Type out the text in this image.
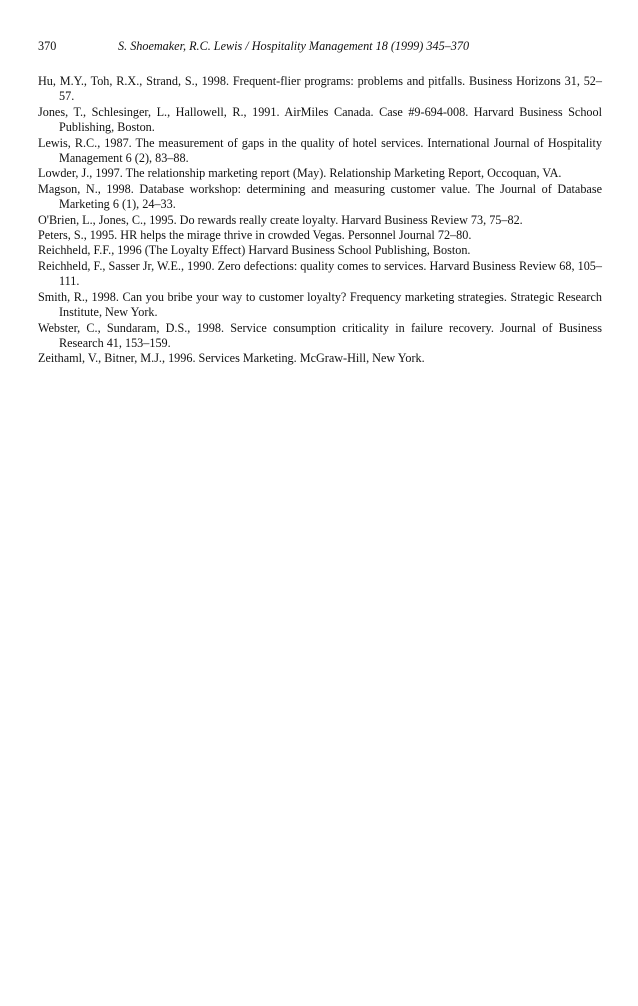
370	S. Shoemaker, R.C. Lewis / Hospitality Management 18 (1999) 345–370
Hu, M.Y., Toh, R.X., Strand, S., 1998. Frequent-flier programs: problems and pitfalls. Business Horizons 31, 52–57.
Jones, T., Schlesinger, L., Hallowell, R., 1991. AirMiles Canada. Case #9-694-008. Harvard Business School Publishing, Boston.
Lewis, R.C., 1987. The measurement of gaps in the quality of hotel services. International Journal of Hospitality Management 6 (2), 83–88.
Lowder, J., 1997. The relationship marketing report (May). Relationship Marketing Report, Occoquan, VA.
Magson, N., 1998. Database workshop: determining and measuring customer value. The Journal of Database Marketing 6 (1), 24–33.
O'Brien, L., Jones, C., 1995. Do rewards really create loyalty. Harvard Business Review 73, 75–82.
Peters, S., 1995. HR helps the mirage thrive in crowded Vegas. Personnel Journal 72–80.
Reichheld, F.F., 1996 (The Loyalty Effect) Harvard Business School Publishing, Boston.
Reichheld, F., Sasser Jr, W.E., 1990. Zero defections: quality comes to services. Harvard Business Review 68, 105–111.
Smith, R., 1998. Can you bribe your way to customer loyalty? Frequency marketing strategies. Strategic Research Institute, New York.
Webster, C., Sundaram, D.S., 1998. Service consumption criticality in failure recovery. Journal of Business Research 41, 153–159.
Zeithaml, V., Bitner, M.J., 1996. Services Marketing. McGraw-Hill, New York.
